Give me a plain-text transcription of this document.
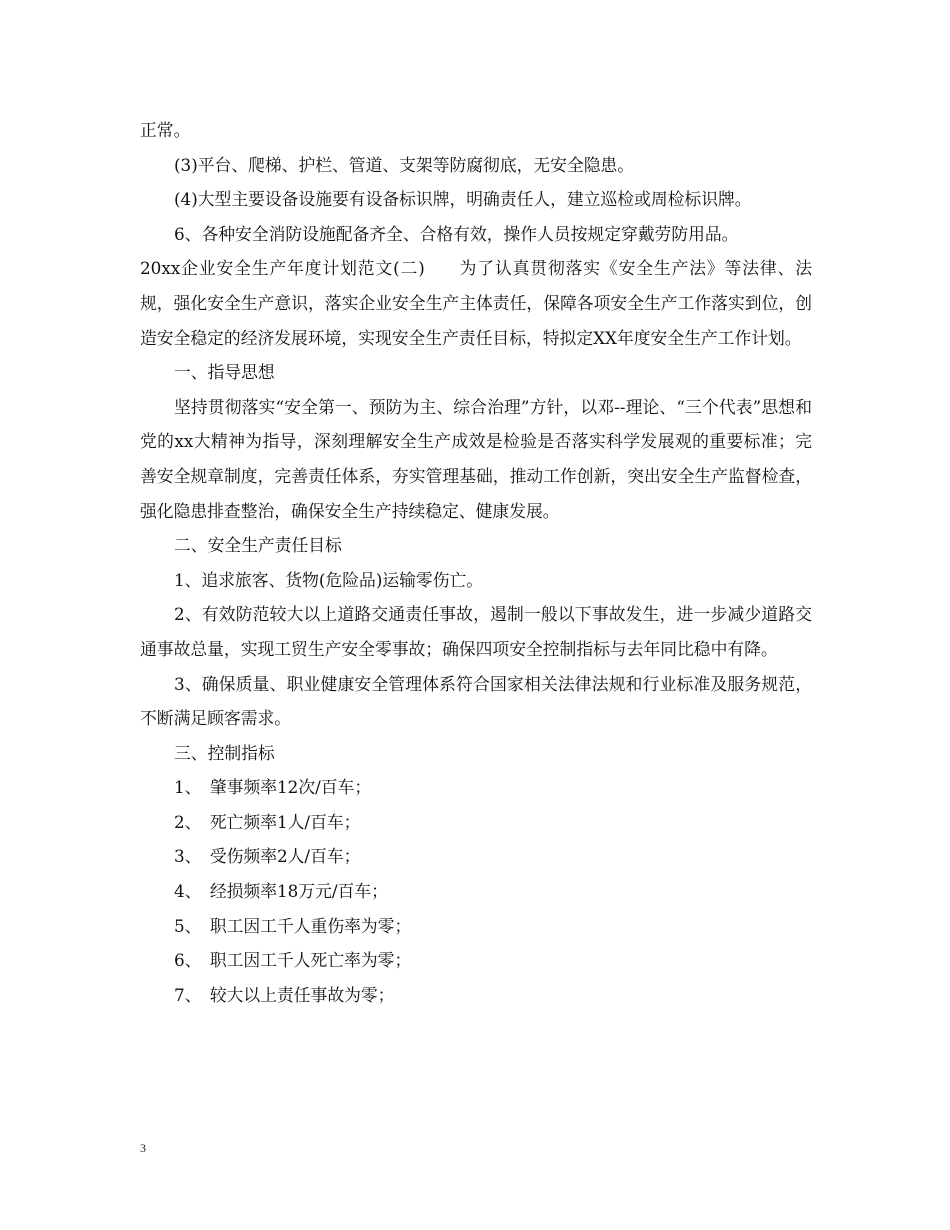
正常。

(3)平台、爬梯、护栏、管道、支架等防腐彻底，无安全隐患。

(4)大型主要设备设施要有设备标识牌，明确责任人，建立巡检或周检标识牌。

6、各种安全消防设施配备齐全、合格有效，操作人员按规定穿戴劳防用品。

20xx企业安全生产年度计划范文(二) 为了认真贯彻落实《安全生产法》等法律、法规，强化安全生产意识，落实企业安全生产主体责任，保障各项安全生产工作落实到位，创造安全稳定的经济发展环境，实现安全生产责任目标，特拟定XX年度安全生产工作计划。

一、指导思想

坚持贯彻落实“安全第一、预防为主、综合治理”方针，以邓--理论、“三个代表”思想和党的xx大精神为指导，深刻理解安全生产成效是检验是否落实科学发展观的重要标准；完善安全规章制度，完善责任体系，夯实管理基础，推动工作创新，突出安全生产监督检查，强化隐患排查整治，确保安全生产持续稳定、健康发展。

二、安全生产责任目标

1、追求旅客、货物(危险品)运输零伤亡。

2、有效防范较大以上道路交通责任事故，遏制一般以下事故发生，进一步减少道路交通事故总量，实现工贸生产安全零事故；确保四项安全控制指标与去年同比稳中有降。

3、确保质量、职业健康安全管理体系符合国家相关法律法规和行业标准及服务规范，不断满足顾客需求。

三、控制指标

1、　肇事频率12次/百车；

2、　死亡频率1人/百车；

3、　受伤频率2人/百车；

4、　经损频率18万元/百车；

5、　职工因工千人重伤率为零；

6、　职工因工千人死亡率为零；

7、　较大以上责任事故为零；

3
